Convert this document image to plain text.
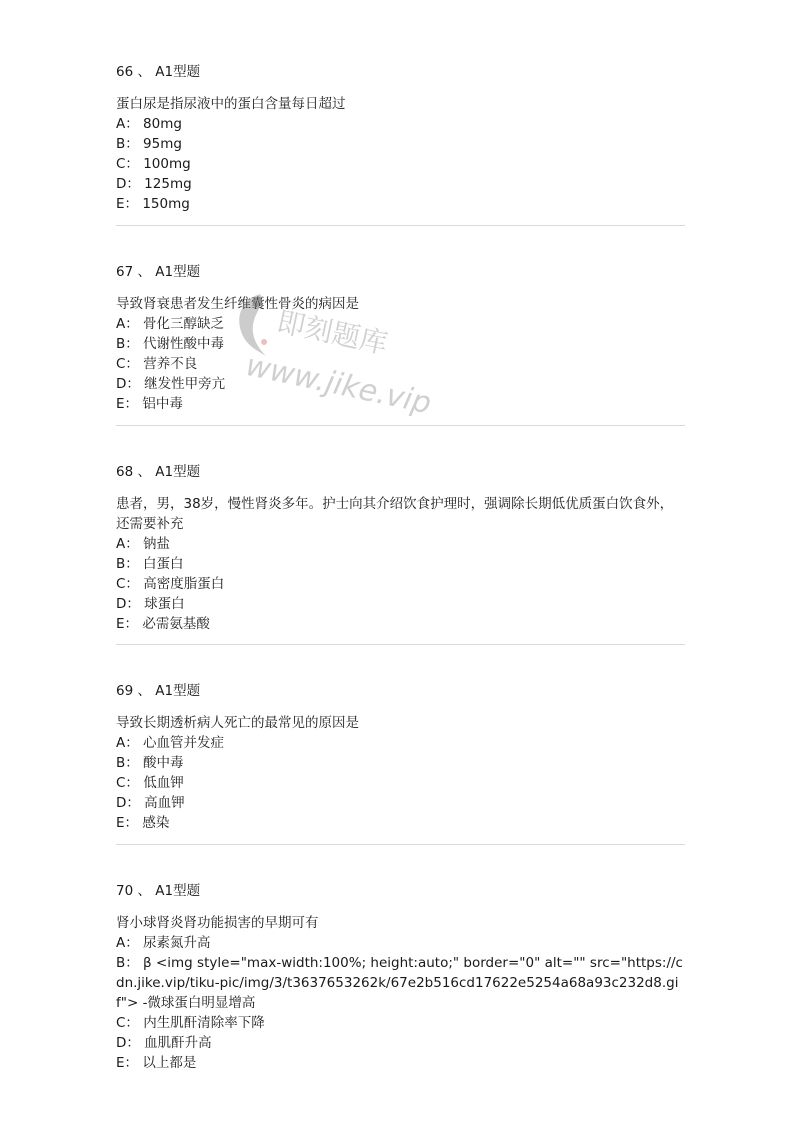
66 、 A1型题
蛋白尿是指尿液中的蛋白含量每日超过
A： 80mg
B： 95mg
C： 100mg
D： 125mg
E： 150mg
67 、 A1型题
导致肾衰患者发生纤维囊性骨炎的病因是
A： 骨化三醇缺乏
B： 代谢性酸中毒
C： 营养不良
D： 继发性甲旁亢
E： 铝中毒
68 、 A1型题
患者，男，38岁，慢性肾炎多年。护士向其介绍饮食护理时，强调除长期低优质蛋白饮食外，还需要补充
A： 钠盐
B： 白蛋白
C： 高密度脂蛋白
D： 球蛋白
E： 必需氨基酸
69 、 A1型题
导致长期透析病人死亡的最常见的原因是
A： 心血管并发症
B： 酸中毒
C： 低血钾
D： 高血钾
E： 感染
70 、 A1型题
肾小球肾炎肾功能损害的早期可有
A： 尿素氮升高
B： β <img style="max-width:100%; height:auto;" border="0" alt="" src="https://cdn.jike.vip/tiku-pic/img/3/t3637653262k/67e2b516cd17622e5254a68a93c232d8.gif"> -微球蛋白明显增高
C： 内生肌酐清除率下降
D： 血肌酐升高
E： 以上都是
即刻题库
www.jike.vip
